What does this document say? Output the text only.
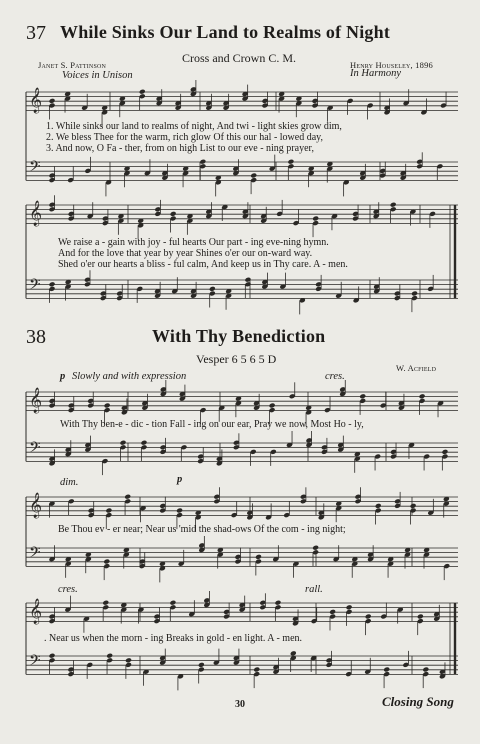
𝄞
𝄢
𝄞
𝄢
𝄞
𝄢
𝄞
𝄢
𝄞
𝄢
37 While Sinks Our Land to Realms of Night
Cross and Crown C. M.
Janet S. Pattinson	Henry Houseley, 1896
Voices in Unison	In Harmony
1. While sinks our land to realms of night, And twi - light skies grow dim,
2. We bless Thee for the warm, rich glow Of this our hal - lowed day,
3. And now, O Fa - ther, from on high List to our eve - ning prayer,
We raise a - gain with joy - ful hearts Our part - ing eve-ning hymn.
And for the love that year by year Shines o'er our on-ward way.
Shed o'er our hearts a bliss - ful calm, And keep us in Thy care. A - men.
38	With Thy Benediction
Vesper 6 5 6 5 D
W. Acfield
p Slowly and with expression	cres.
With Thy ben-e - dic - tion Fall - ing on our ear, Pray we now, Most Ho - ly,
dim.	p
Be Thou ev - er near; Near us 'mid the shad-ows Of the com - ing night;
cres.	rall.
. Near us when the morn - ing Breaks in gold - en light. A - men.
30	Closing Song
